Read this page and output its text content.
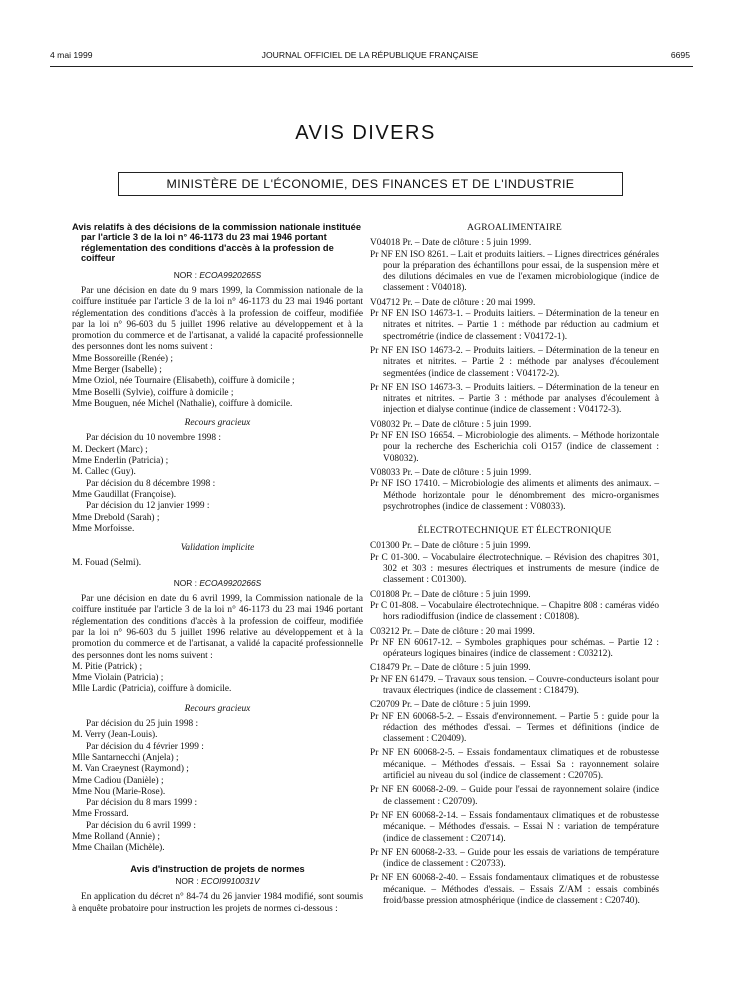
4 mai 1999	JOURNAL OFFICIEL DE LA RÉPUBLIQUE FRANÇAISE	6695
AVIS DIVERS
MINISTÈRE DE L'ÉCONOMIE, DES FINANCES ET DE L'INDUSTRIE

Avis relatifs à des décisions de la commission nationale instituée par l'article 3 de la loi n° 46-1173 du 23 mai 1946 portant réglementation des conditions d'accès à la profession de coiffeur

NOR : ECOA9920265S

Par une décision en date du 9 mars 1999, la Commission nationale de la coiffure instituée par l'article 3 de la loi n° 46-1173 du 23 mai 1946 portant réglementation des conditions d'accès à la profession de coiffeur, modifiée par la loi n° 96-603 du 5 juillet 1996 relative au développement et à la promotion du commerce et de l'artisanat, a validé la capacité professionnelle des personnes dont les noms suivent :

Mme Bossoreille (Renée) ;

Mme Berger (Isabelle) ;

Mme Oziol, née Tournaire (Elisabeth), coiffure à domicile ;

Mme Boselli (Sylvie), coiffure à domicile ;

Mme Bouguen, née Michel (Nathalie), coiffure à domicile.

Recours gracieux

Par décision du 10 novembre 1998 :

M. Deckert (Marc) ;

Mme Enderlin (Patricia) ;

M. Callec (Guy).

Par décision du 8 décembre 1998 :

Mme Gaudillat (Françoise).

Par décision du 12 janvier 1999 :

Mme Drebold (Sarah) ;

Mme Morfoisse.

Validation implicite

M. Fouad (Selmi).

NOR : ECOA9920266S

Par une décision en date du 6 avril 1999, la Commission nationale de la coiffure instituée par l'article 3 de la loi n° 46-1173 du 23 mai 1946 portant réglementation des conditions d'accès à la profession de coiffeur, modifiée par la loi n° 96-603 du 5 juillet 1996 relative au développement et à la promotion du commerce et de l'artisanat, a validé la capacité professionnelle des personnes dont les noms suivent :

M. Pitie (Patrick) ;

Mme Violain (Patricia) ;

Mlle Lardic (Patricia), coiffure à domicile.

Recours gracieux

Par décision du 25 juin 1998 :

M. Verry (Jean-Louis).

Par décision du 4 février 1999 :

Mlle Santarnecchi (Anjela) ;

M. Van Craeynest (Raymond) ;

Mme Cadiou (Danièle) ;

Mme Nou (Marie-Rose).

Par décision du 8 mars 1999 :

Mme Frossard.

Par décision du 6 avril 1999 :

Mme Rolland (Annie) ;

Mme Chailan (Michèle).

Avis d'instruction de projets de normes

NOR : ECOI9910031V

En application du décret n° 84-74 du 26 janvier 1984 modifié, sont soumis à enquête probatoire pour instruction les projets de normes ci-dessous :

AGROALIMENTAIRE

V04018 Pr. – Date de clôture : 5 juin 1999.

Pr NF EN ISO 8261. – Lait et produits laitiers. – Lignes directrices générales pour la préparation des échantillons pour essai, de la suspension mère et des dilutions décimales en vue de l'examen microbiologique (indice de classement : V04018).

V04712 Pr. – Date de clôture : 20 mai 1999.

Pr NF EN ISO 14673-1. – Produits laitiers. – Détermination de la teneur en nitrates et nitrites. – Partie 1 : méthode par réduction au cadmium et spectrométrie (indice de classement : V04172-1).

Pr NF EN ISO 14673-2. – Produits laitiers. – Détermination de la teneur en nitrates et nitrites. – Partie 2 : méthode par analyses d'écoulement segmentées (indice de classement : V04172-2).

Pr NF EN ISO 14673-3. – Produits laitiers. – Détermination de la teneur en nitrates et nitrites. – Partie 3 : méthode par analyses d'écoulement à injection et dialyse continue (indice de classement : V04172-3).

V08032 Pr. – Date de clôture : 5 juin 1999.

Pr NF EN ISO 16654. – Microbiologie des aliments. – Méthode horizontale pour la recherche des Escherichia coli O157 (indice de classement : V08032).

V08033 Pr. – Date de clôture : 5 juin 1999.

Pr NF ISO 17410. – Microbiologie des aliments et aliments des animaux. – Méthode horizontale pour le dénombrement des micro-organismes psychrotrophes (indice de classement : V08033).

ÉLECTROTECHNIQUE ET ÉLECTRONIQUE

C01300 Pr. – Date de clôture : 5 juin 1999.

Pr C 01-300. – Vocabulaire électrotechnique. – Révision des chapitres 301, 302 et 303 : mesures électriques et instruments de mesure (indice de classement : C01300).

C01808 Pr. – Date de clôture : 5 juin 1999.

Pr C 01-808. – Vocabulaire électrotechnique. – Chapitre 808 : caméras vidéo hors radiodiffusion (indice de classement : C01808).

C03212 Pr. – Date de clôture : 20 mai 1999.

Pr NF EN 60617-12. – Symboles graphiques pour schémas. – Partie 12 : opérateurs logiques binaires (indice de classement : C03212).

C18479 Pr. – Date de clôture : 5 juin 1999.

Pr NF EN 61479. – Travaux sous tension. – Couvre-conducteurs isolant pour travaux électriques (indice de classement : C18479).

C20709 Pr. – Date de clôture : 5 juin 1999.

Pr NF EN 60068-5-2. – Essais d'environnement. – Partie 5 : guide pour la rédaction des méthodes d'essai. – Termes et définitions (indice de classement : C20409).

Pr NF EN 60068-2-5. – Essais fondamentaux climatiques et de robustesse mécanique. – Méthodes d'essais. – Essai Sa : rayonnement solaire artificiel au niveau du sol (indice de classement : C20705).

Pr NF EN 60068-2-09. – Guide pour l'essai de rayonnement solaire (indice de classement : C20709).

Pr NF EN 60068-2-14. – Essais fondamentaux climatiques et de robustesse mécanique. – Méthodes d'essais. – Essai N : variation de température (indice de classement : C20714).

Pr NF EN 60068-2-33. – Guide pour les essais de variations de température (indice de classement : C20733).

Pr NF EN 60068-2-40. – Essais fondamentaux climatiques et de robustesse mécanique. – Méthodes d'essais. – Essais Z/AM : essais combinés froid/basse pression atmosphérique (indice de classement : C20740).
